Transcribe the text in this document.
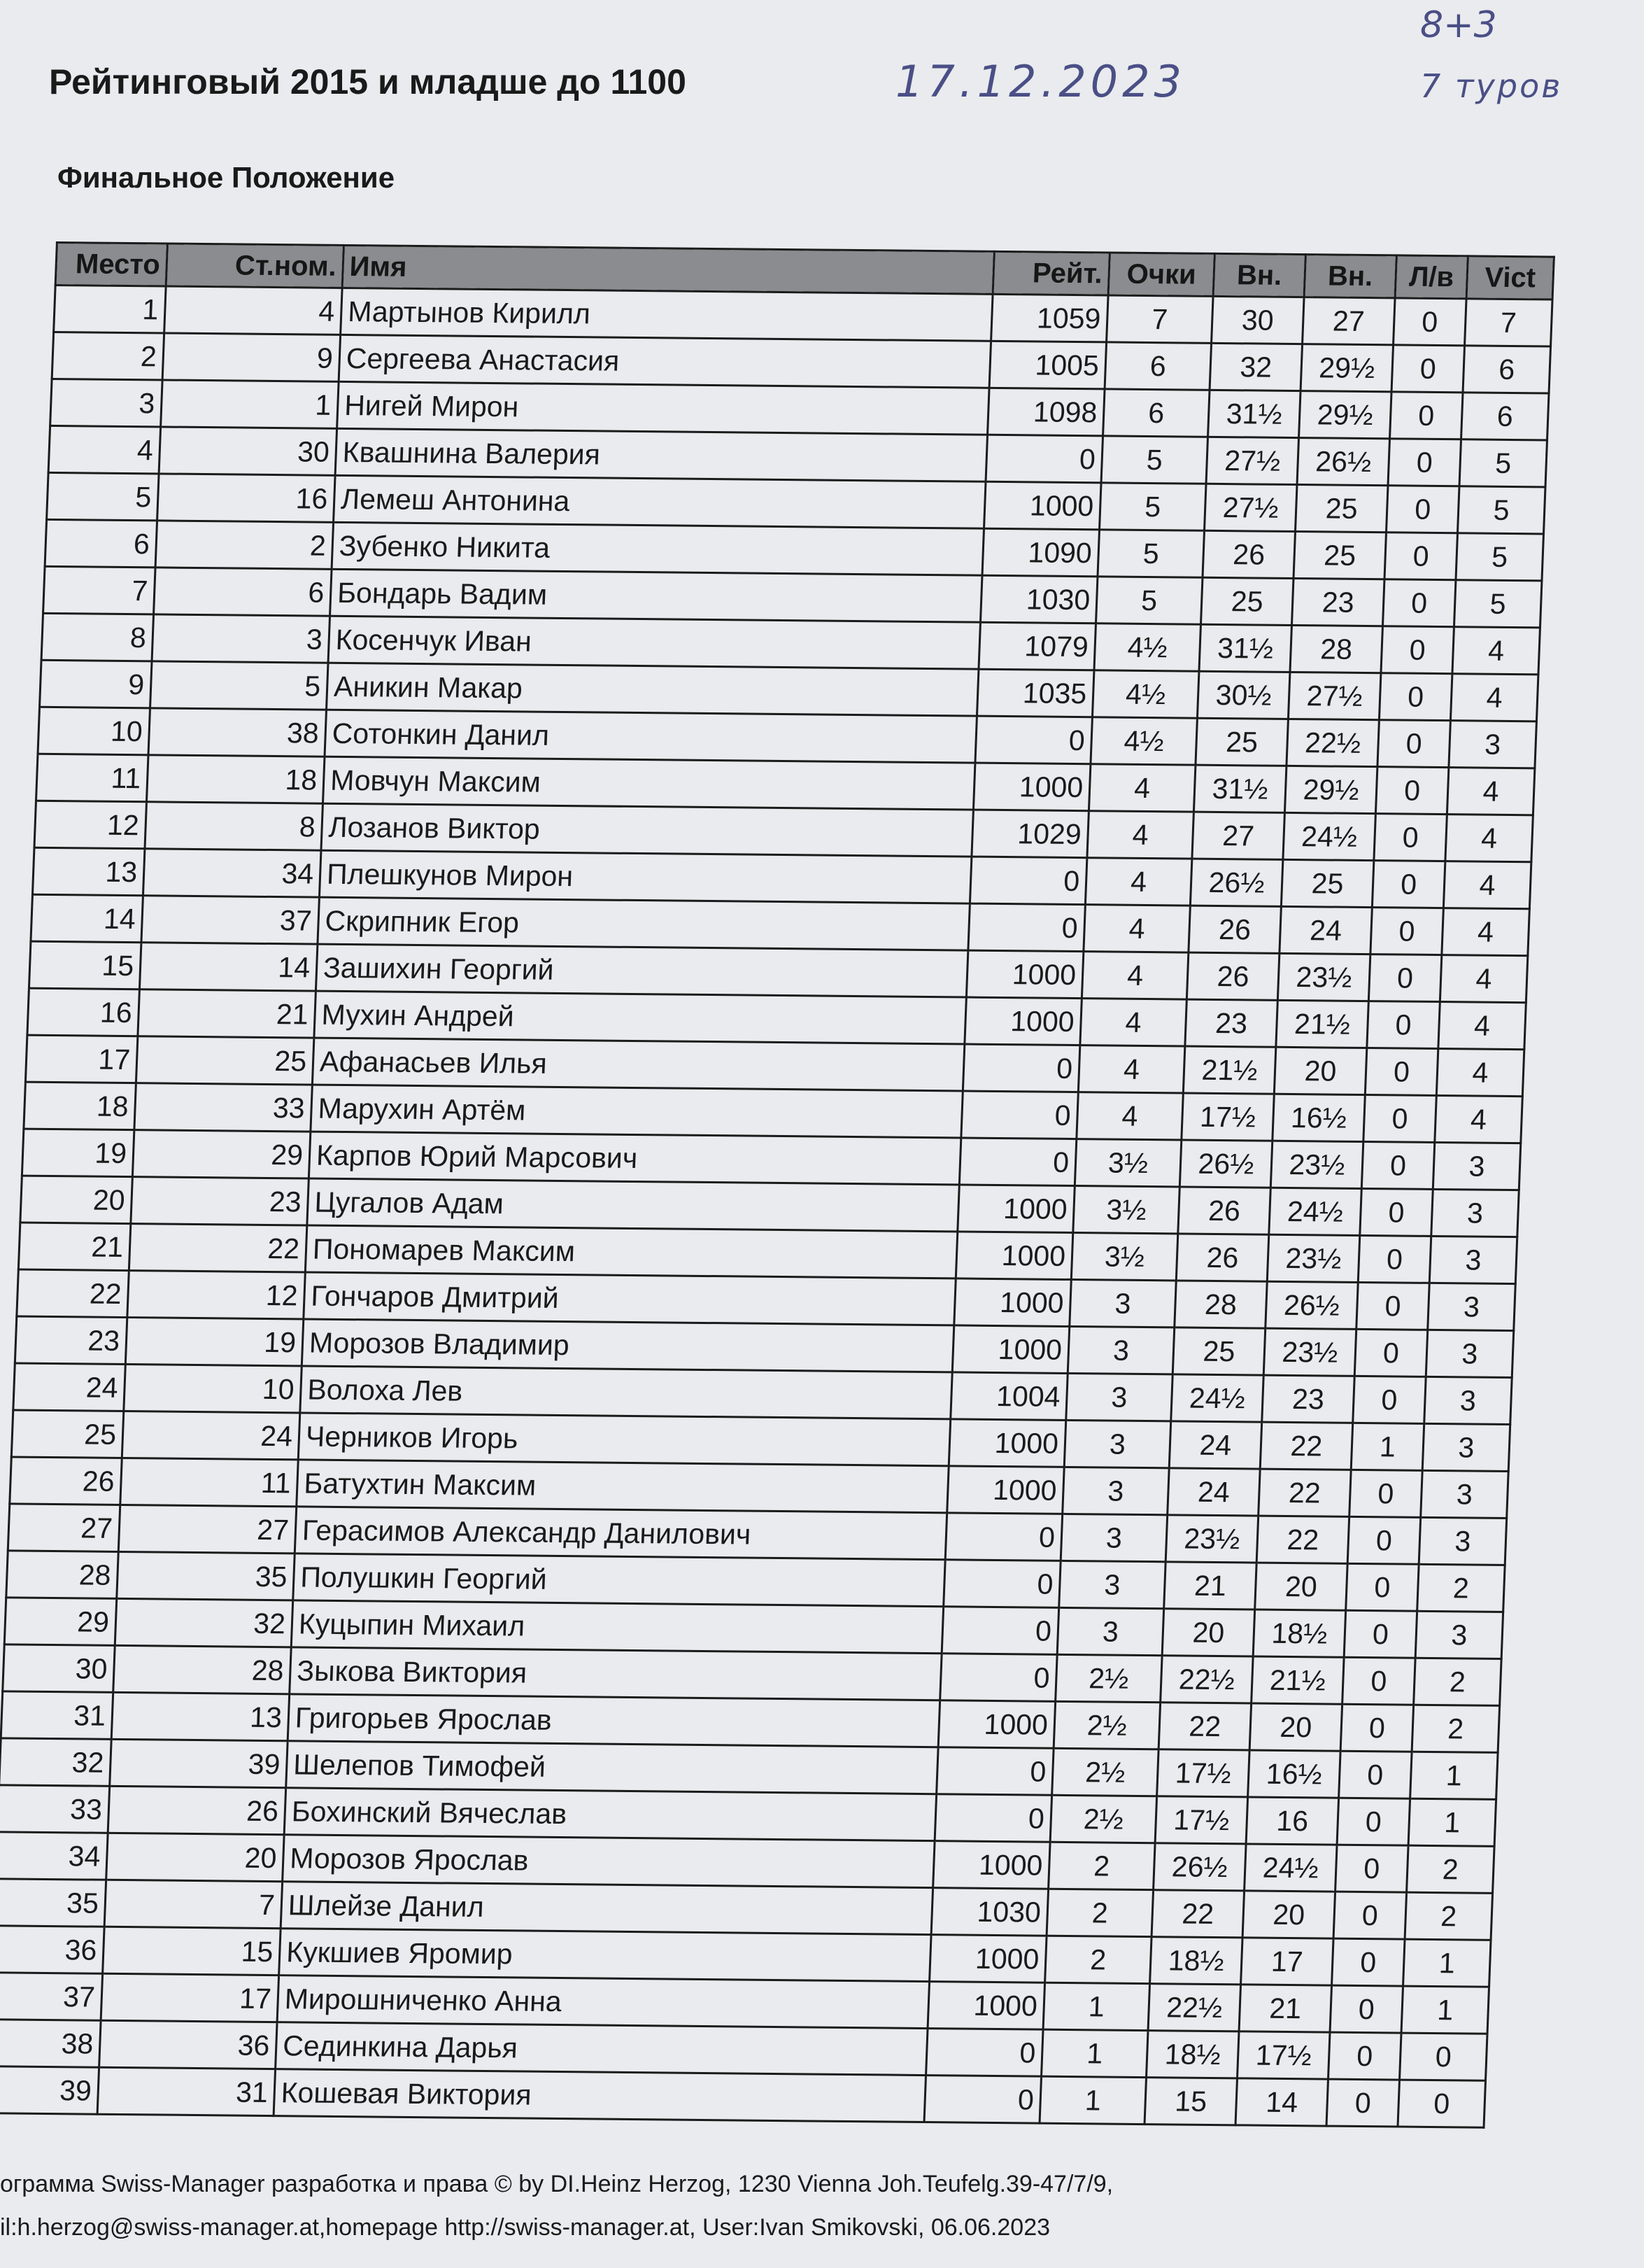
Рейтинговый 2015 и младше до 1100	17.12.2023
8+3
7 туров
Финальное Положение
Место	Ст.ном.	Имя	Рейт.	Очки	Вн.	Вн.	Л/в	Vict
1	4	Мартынов Кирилл	1059	7	30	27	0	7
2	9	Сергеева Анастасия	1005	6	32	29½	0	6
3	1	Нигей Мирон	1098	6	31½	29½	0	6
4	30	Квашнина Валерия	0	5	27½	26½	0	5
5	16	Лемеш Антонина	1000	5	27½	25	0	5
6	2	Зубенко Никита	1090	5	26	25	0	5
7	6	Бондарь Вадим	1030	5	25	23	0	5
8	3	Косенчук Иван	1079	4½	31½	28	0	4
9	5	Аникин Макар	1035	4½	30½	27½	0	4
10	38	Сотонкин Данил	0	4½	25	22½	0	3
11	18	Мовчун Максим	1000	4	31½	29½	0	4
12	8	Лозанов Виктор	1029	4	27	24½	0	4
13	34	Плешкунов Мирон	0	4	26½	25	0	4
14	37	Скрипник Егор	0	4	26	24	0	4
15	14	Зашихин Георгий	1000	4	26	23½	0	4
16	21	Мухин Андрей	1000	4	23	21½	0	4
17	25	Афанасьев Илья	0	4	21½	20	0	4
18	33	Марухин Артём	0	4	17½	16½	0	4
19	29	Карпов Юрий Марсович	0	3½	26½	23½	0	3
20	23	Цугалов Адам	1000	3½	26	24½	0	3
21	22	Пономарев Максим	1000	3½	26	23½	0	3
22	12	Гончаров Дмитрий	1000	3	28	26½	0	3
23	19	Морозов Владимир	1000	3	25	23½	0	3
24	10	Волоха Лев	1004	3	24½	23	0	3
25	24	Черников Игорь	1000	3	24	22	1	3
26	11	Батухтин Максим	1000	3	24	22	0	3
27	27	Герасимов Александр Данилович	0	3	23½	22	0	3
28	35	Полушкин Георгий	0	3	21	20	0	2
29	32	Куцыпин Михаил	0	3	20	18½	0	3
30	28	Зыкова Виктория	0	2½	22½	21½	0	2
31	13	Григорьев Ярослав	1000	2½	22	20	0	2
32	39	Шелепов Тимофей	0	2½	17½	16½	0	1
33	26	Бохинский Вячеслав	0	2½	17½	16	0	1
34	20	Морозов Ярослав	1000	2	26½	24½	0	2
35	7	Шлейзе Данил	1030	2	22	20	0	2
36	15	Кукшиев Яромир	1000	2	18½	17	0	1
37	17	Мирошниченко Анна	1000	1	22½	21	0	1
38	36	Сединкина Дарья	0	1	18½	17½	0	0
39	31	Кошевая Виктория	0	1	15	14	0	0
ограмма Swiss-Manager разработка и права © by DI.Heinz Herzog, 1230 Vienna Joh.Teufelg.39-47/7/9,
il:h.herzog@swiss-manager.at,homepage http://swiss-manager.at, User:Ivan Smikovski, 06.06.2023
